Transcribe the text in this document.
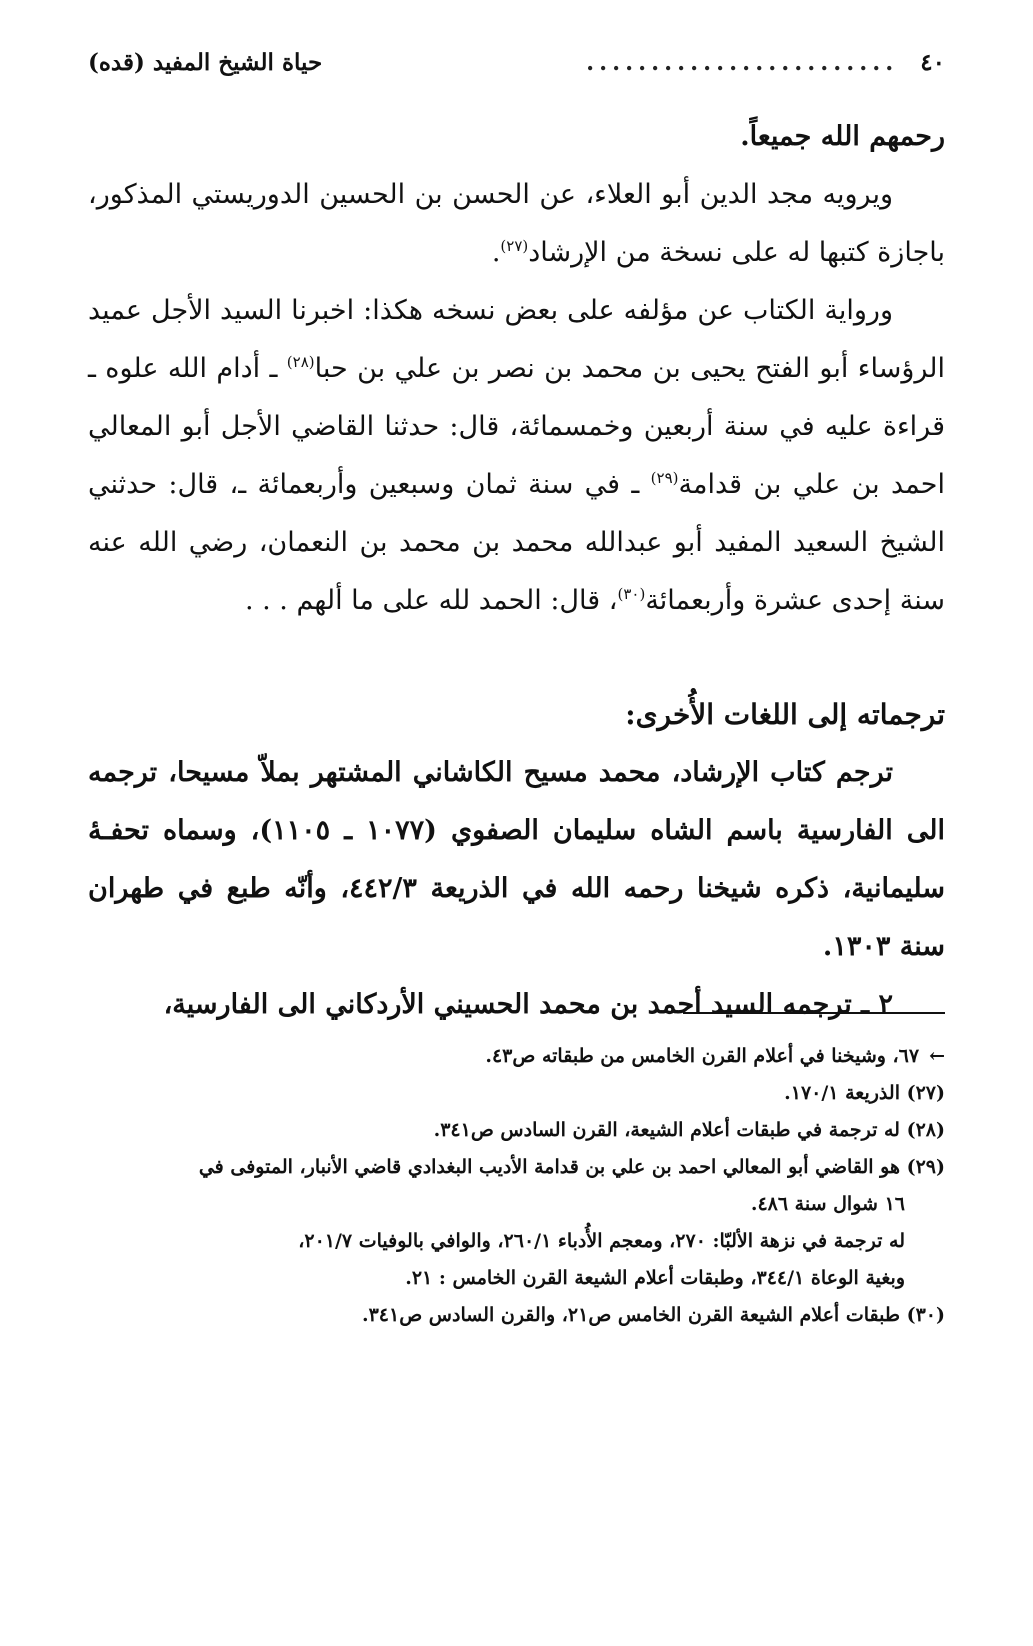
٤٠
........................
حياة الشيخ المفيد (قده)

رحمهم الله جميعاً.

ويرويه مجد الدين أبو العلاء، عن الحسن بن الحسين الدوريستي المذكور، باجازة كتبها له على نسخة من الإرشاد$^{(٢٧)}$.

ورواية الكتاب عن مؤلفه على بعض نسخه هكذا: اخبرنا السيد الأجل عميد الرؤساء أبو الفتح يحيى بن محمد بن نصر بن علي بن حبا$^{(٢٨)}$ ـ أدام الله علوه ـ قراءة عليه في سنة أربعين وخمسمائة، قال: حدثنا القاضي الأجل أبو المعالي احمد بن علي بن قدامة$^{(٢٩)}$ ـ في سنة ثمان وسبعين وأربعمائة ـ، قال: حدثني الشيخ السعيد المفيد أبو عبدالله محمد بن محمد بن النعمان، رضي الله عنه سنة إحدى عشرة وأربعمائة$^{(٣٠)}$، قال: الحمد لله على ما ألهم . . .

ترجماته إلى اللغات الأُخرى:

ترجم كتاب الإرشاد، محمد مسيح الكاشاني المشتهر بملاّ مسيحا، ترجمه الى الفارسية باسم الشاه سليمان الصفوي (١٠٧٧ ـ ١١٠٥)، وسماه تحفـهٔ سليمانية، ذكره شيخنا رحمه الله في الذريعة ٤٤٢/٣، وأنّه طبع في طهران سنة ١٣٠٣.

٢ ـ ترجمه السيد أحمد بن محمد الحسيني الأردكاني الى الفارسية،

←٦٧، وشيخنا في أعلام القرن الخامس من طبقاته ص٤٣.

(٢٧) الذريعة ١٧٠/١.

(٢٨) له ترجمة في طبقات أعلام الشيعة، القرن السادس ص٣٤١.

(٢٩) هو القاضي أبو المعالي احمد بن علي بن قدامة الأديب البغدادي قاضي الأنبار، المتوفى في

١٦ شوال سنة ٤٨٦.

له ترجمة في نزهة الألبّا: ٢٧٠، ومعجم الأُدباء ٢٦٠/١، والوافي بالوفيات ٢٠١/٧،

وبغية الوعاة ٣٤٤/١، وطبقات أعلام الشيعة القرن الخامس : ٢١.

(٣٠) طبقات أعلام الشيعة القرن الخامس ص٢١، والقرن السادس ص٣٤١.
